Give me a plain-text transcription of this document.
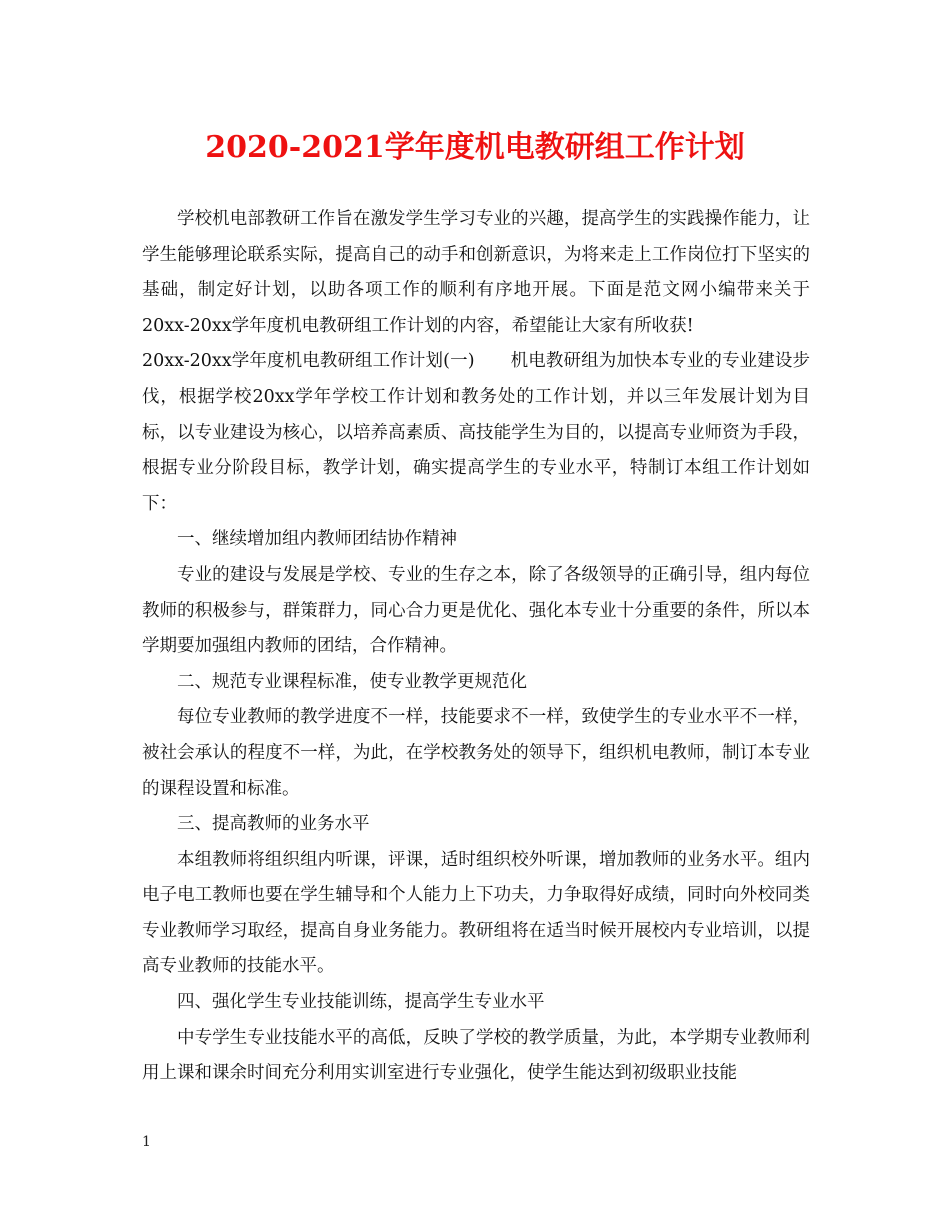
2020-2021学年度机电教研组工作计划

学校机电部教研工作旨在激发学生学习专业的兴趣，提高学生的实践操作能力，让学生能够理论联系实际，提高自己的动手和创新意识，为将来走上工作岗位打下坚实的基础，制定好计划，以助各项工作的顺利有序地开展。下面是范文网小编带来关于20xx-20xx学年度机电教研组工作计划的内容，希望能让大家有所收获!

20xx-20xx学年度机电教研组工作计划(一) 机电教研组为加快本专业的专业建设步伐，根据学校20xx学年学校工作计划和教务处的工作计划，并以三年发展计划为目标，以专业建设为核心，以培养高素质、高技能学生为目的，以提高专业师资为手段，根据专业分阶段目标，教学计划，确实提高学生的专业水平，特制订本组工作计划如下：

一、继续增加组内教师团结协作精神

专业的建设与发展是学校、专业的生存之本，除了各级领导的正确引导，组内每位教师的积极参与，群策群力，同心合力更是优化、强化本专业十分重要的条件，所以本学期要加强组内教师的团结，合作精神。

二、规范专业课程标准，使专业教学更规范化

每位专业教师的教学进度不一样，技能要求不一样，致使学生的专业水平不一样，被社会承认的程度不一样，为此，在学校教务处的领导下，组织机电教师，制订本专业的课程设置和标准。

三、提高教师的业务水平

本组教师将组织组内听课，评课，适时组织校外听课，增加教师的业务水平。组内电子电工教师也要在学生辅导和个人能力上下功夫，力争取得好成绩，同时向外校同类专业教师学习取经，提高自身业务能力。教研组将在适当时候开展校内专业培训，以提高专业教师的技能水平。

四、强化学生专业技能训练，提高学生专业水平

中专学生专业技能水平的高低，反映了学校的教学质量，为此，本学期专业教师利用上课和课余时间充分利用实训室进行专业强化，使学生能达到初级职业技能

1
